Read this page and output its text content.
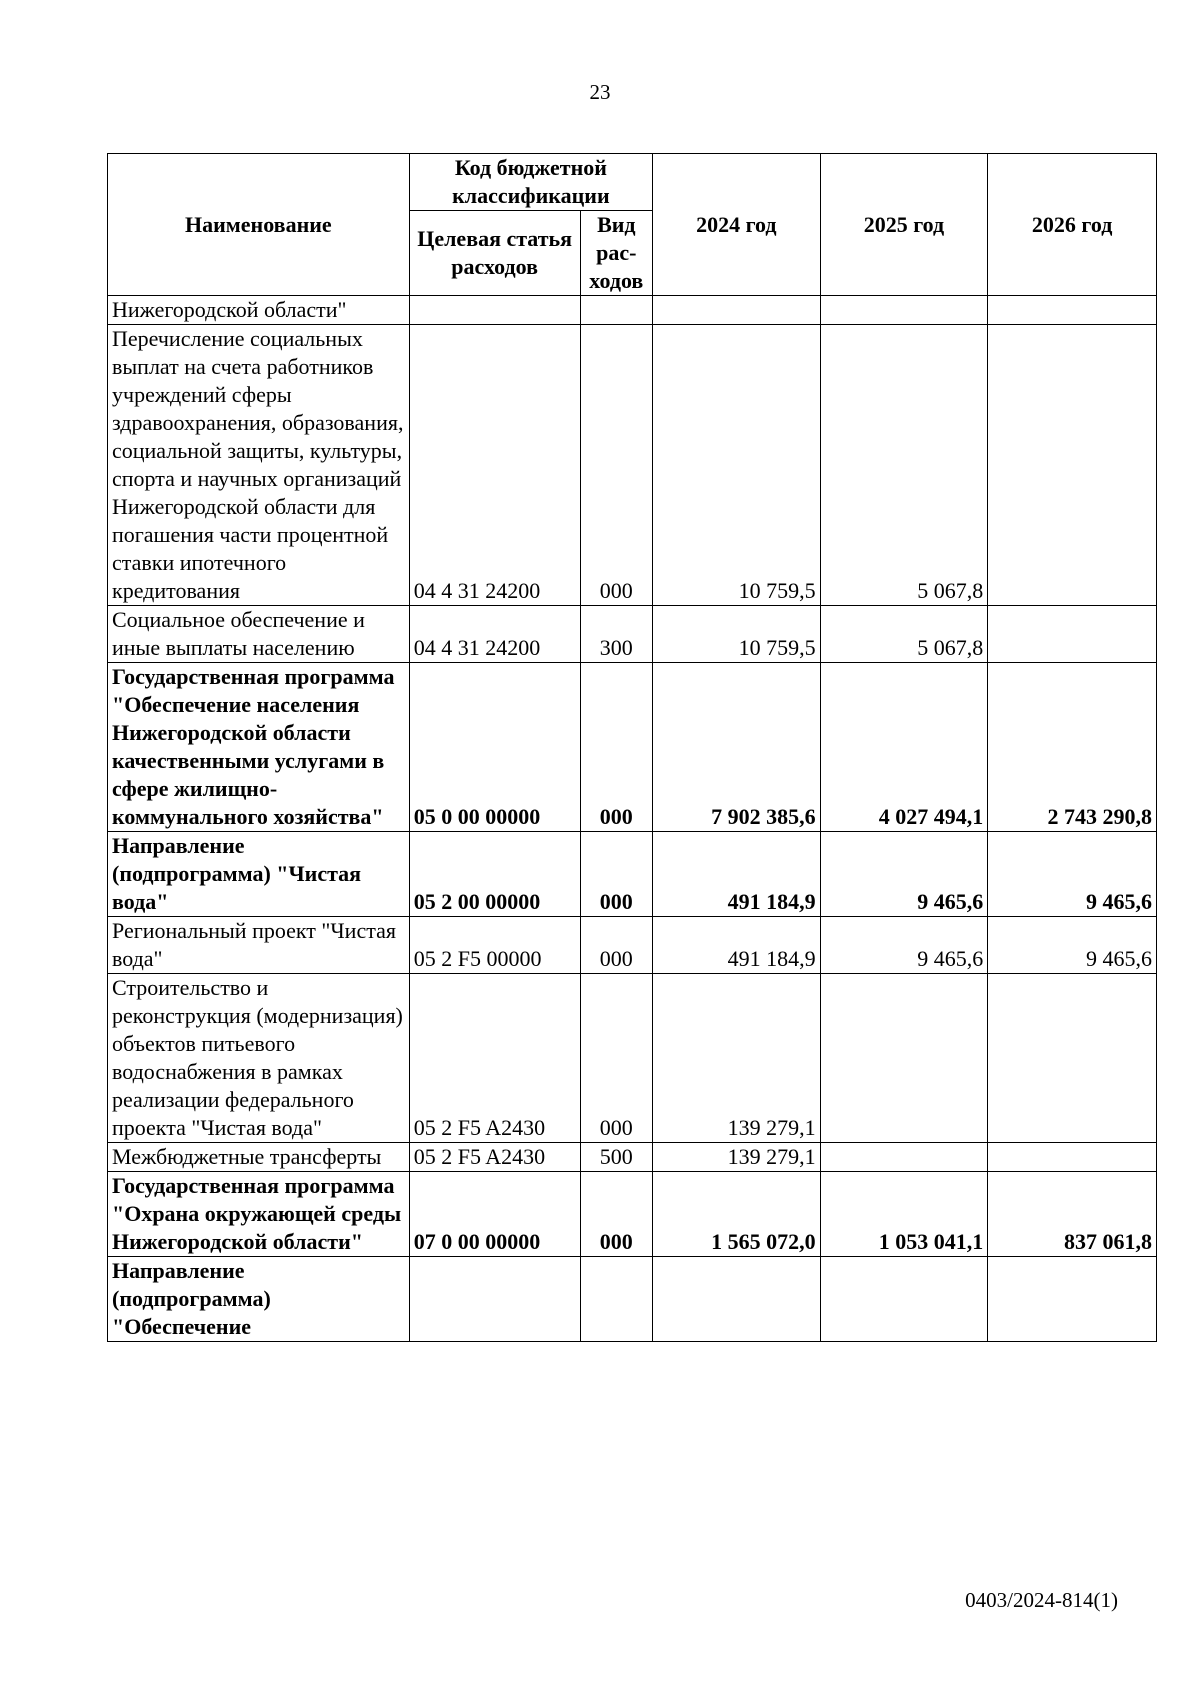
23
Наименование	Код бюджетной классификации		2024 год	2025 год	2026 год
	Целевая статья расходов	Вид рас- ходов			
Нижегородской области"					
Перечисление социальных выплат на счета работников учреждений сферы здравоохранения, образования, социальной защиты, культуры, спорта и научных организаций Нижегородской области для погашения части процентной ставки ипотечного кредитования	04 4 31 24200	000	10 759,5	5 067,8	
Социальное обеспечение и иные выплаты населению	04 4 31 24200	300	10 759,5	5 067,8	
Государственная программа "Обеспечение населения Нижегородской области качественными услугами в сфере жилищно-коммунального хозяйства"	05 0 00 00000	000	7 902 385,6	4 027 494,1	2 743 290,8
Направление (подпрограмма) "Чистая вода"	05 2 00 00000	000	491 184,9	9 465,6	9 465,6
Региональный проект "Чистая вода"	05 2 F5 00000	000	491 184,9	9 465,6	9 465,6
Строительство и реконструкция (модернизация) объектов питьевого водоснабжения в рамках реализации федерального проекта "Чистая вода"	05 2 F5 A2430	000	139 279,1		
Межбюджетные трансферты	05 2 F5 A2430	500	139 279,1		
Государственная программа "Охрана окружающей среды Нижегородской области"	07 0 00 00000	000	1 565 072,0	1 053 041,1	837 061,8
Направление (подпрограмма) "Обеспечение					
0403/2024-814(1)
